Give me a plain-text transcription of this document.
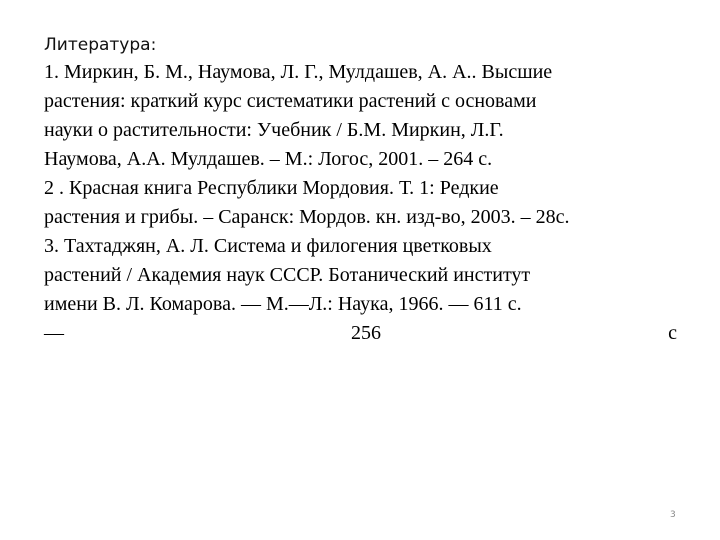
Литература:
1. Миркин, Б. М., Наумова, Л. Г., Мулдашев, А. А.. Высшие
растения: краткий курс систематики растений с основами
науки о растительности: Учебник / Б.М. Миркин, Л.Г.
Наумова, А.А. Мулдашев. – М.: Логос, 2001. – 264 с.
2 . Красная книга Республики Мордовия. Т. 1: Редкие
растения и грибы. – Саранск: Мордов. кн. изд-во, 2003. – 28с.
3. Тахтаджян, А. Л. Система и филогения цветковых
растений / Академия наук СССР. Ботанический институт
имени В. Л. Комарова. — М.—Л.: Наука, 1966. — 611 с.
—	256	с
3
